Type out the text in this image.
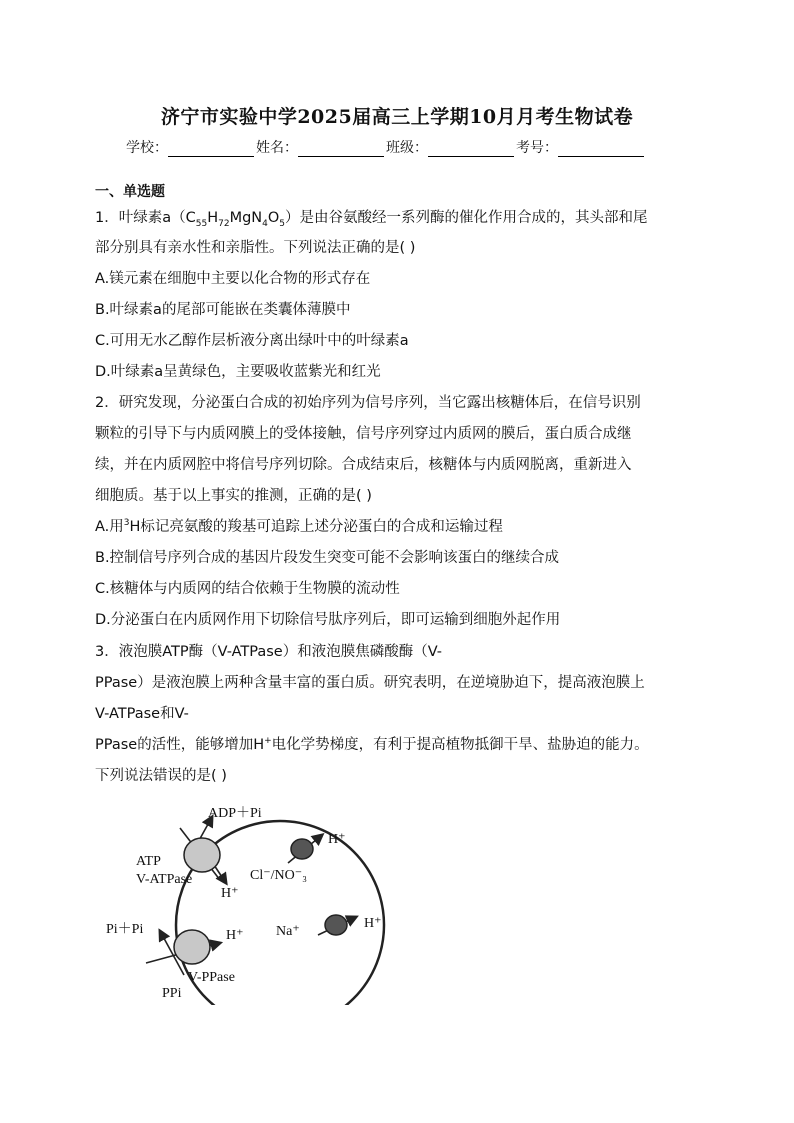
济宁市实验中学2025届高三上学期10月月考生物试卷
学校：	姓名：	班级：	考号：
一、单选题
1．叶绿素$a(C_{55}H_{72}MgN_4O_5)$是由谷氨酸经一系列酶的催化作用合成的，其头部和尾
部分别具有亲水性和亲脂性。下列说法正确的是( )
A.镁元素在细胞中主要以化合物的形式存在
B.叶绿素a的尾部可能嵌在类囊体薄膜中
C.可用无水乙醇作层析液分离出绿叶中的叶绿素a
D.叶绿素a呈黄绿色，主要吸收蓝紫光和红光
2．研究发现，分泌蛋白合成的初始序列为信号序列，当它露出核糖体后，在信号识别
颗粒的引导下与内质网膜上的受体接触，信号序列穿过内质网的膜后，蛋白质合成继
续，并在内质网腔中将信号序列切除。合成结束后，核糖体与内质网脱离，重新进入
细胞质。基于以上事实的推测，正确的是( )
A.用$^3$H标记亮氨酸的羧基可追踪上述分泌蛋白的合成和运输过程
B.控制信号序列合成的基因片段发生突变可能不会影响该蛋白的继续合成
C.核糖体与内质网的结合依赖于生物膜的流动性
D.分泌蛋白在内质网作用下切除信号肽序列后，即可运输到细胞外起作用
3．液泡膜ATP酶（V-ATPase）和液泡膜焦磷酸酶（V-
PPase）是液泡膜上两种含量丰富的蛋白质。研究表明，在逆境胁迫下，提高液泡膜上
V-ATPase和V-
PPase的活性，能够增加H+电化学势梯度，有利于提高植物抵御干旱、盐胁迫的能力。
下列说法错误的是( )
ADP＋Pi
ATP
V-ATPase
H⁺
H⁺
Cl⁻/NO⁻₃
Na⁺
H⁺
Pi＋Pi	H⁺
V-PPase
PPi
